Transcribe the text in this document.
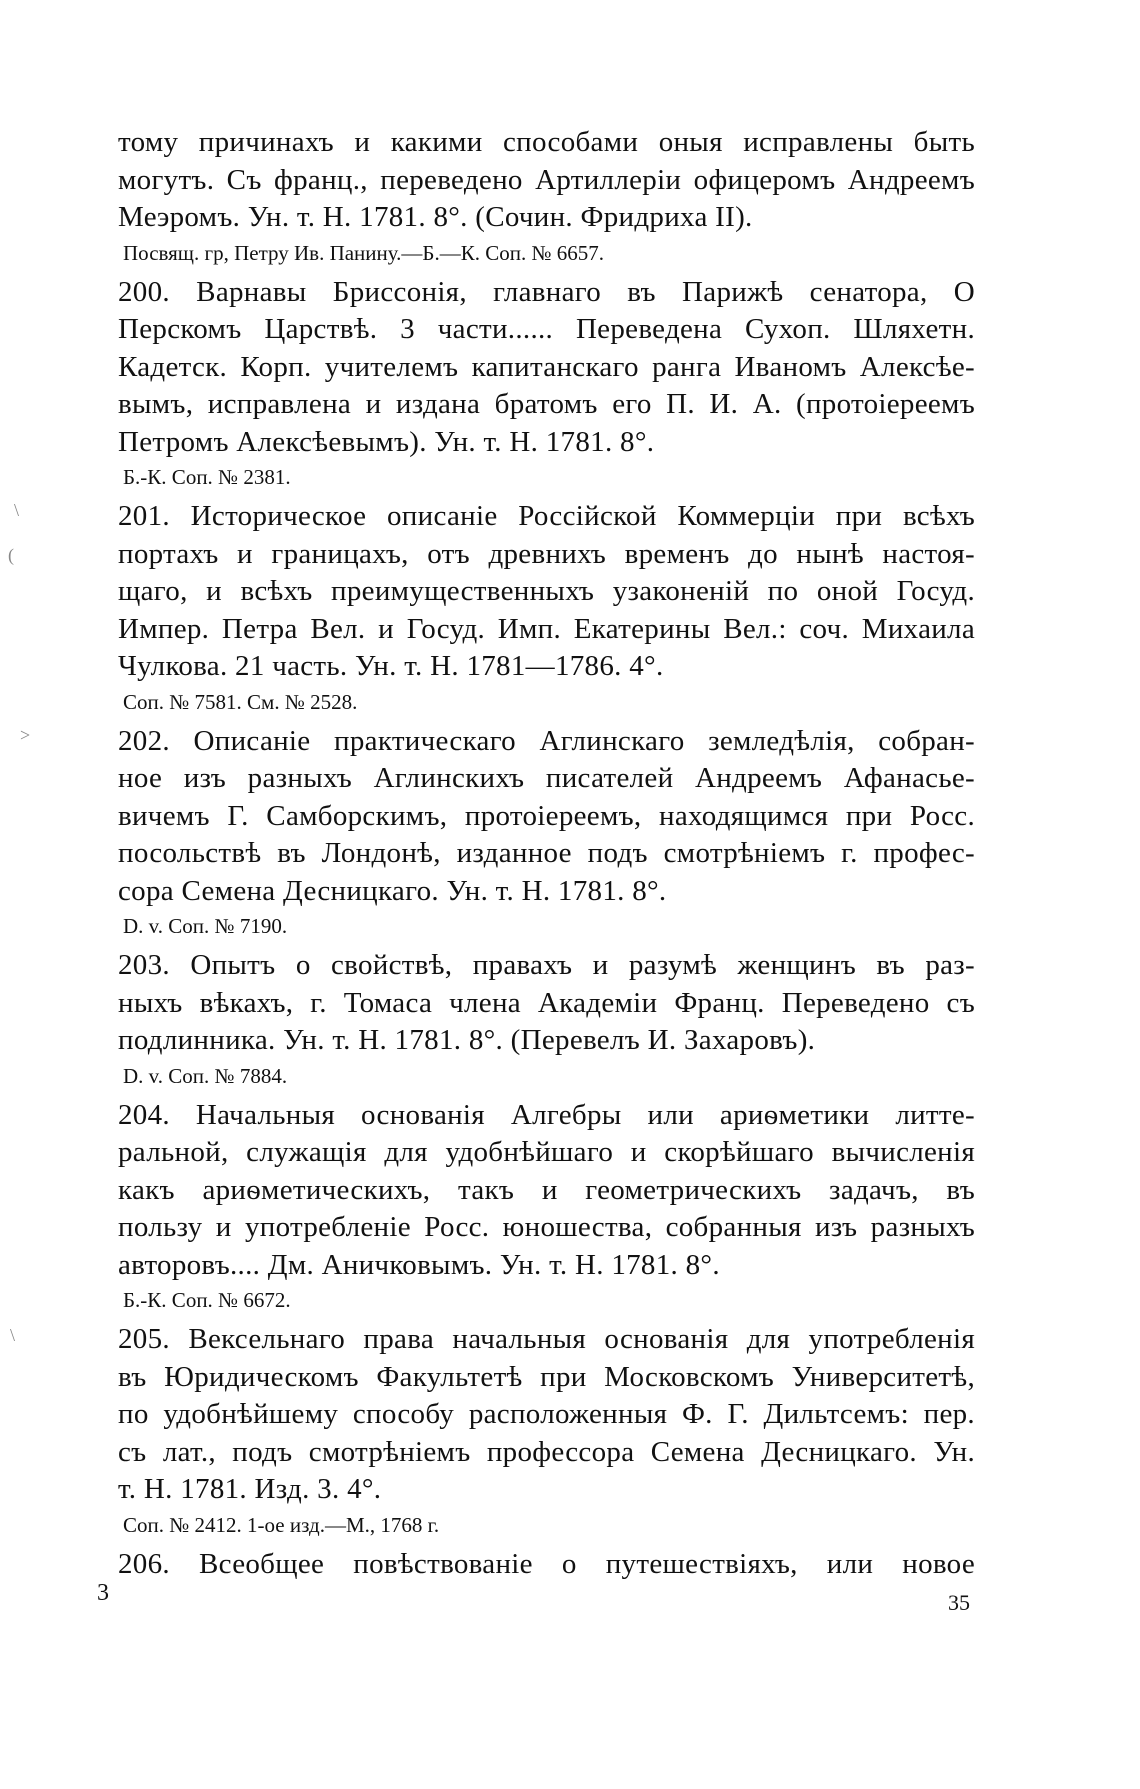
\
(
>
\
тому причинахъ и какими способами оныя исправлены быть
могутъ. Съ франц., переведено Артиллеріи офицеромъ Андреемъ
Меэромъ. Ун. т. Н. 1781. 8°. (Сочин. Фридриха II).
Посвящ. гр, Петру Ив. Панину.—Б.—К. Соп. № 6657.
200. Варнавы Бриссонія, главнаго въ Парижѣ сенатора, О
Перскомъ Царствѣ. 3 части...... Переведена Сухоп. Шляхетн.
Кадетск. Корп. учителемъ капитанскаго ранга Иваномъ Алексѣе-
вымъ, исправлена и издана братомъ его П. И. А. (протоіереемъ
Петромъ Алексѣевымъ). Ун. т. Н. 1781. 8°.
Б.-К. Соп. № 2381.
201. Историческое описаніе Россійской Коммерціи при всѣхъ
портахъ и границахъ, отъ древнихъ временъ до нынѣ настоя-
щаго, и всѣхъ преимущественныхъ узаконеній по оной Госуд.
Импер. Петра Вел. и Госуд. Имп. Екатерины Вел.: соч. Михаила
Чулкова. 21 часть. Ун. т. Н. 1781—1786. 4°.
Соп. № 7581. См. № 2528.
202. Описаніе практическаго Аглинскаго земледѣлія, собран-
ное изъ разныхъ Аглинскихъ писателей Андреемъ Афанасье-
вичемъ Г. Самборскимъ, протоіереемъ, находящимся при Росс.
посольствѣ въ Лондонѣ, изданное подъ смотрѣніемъ г. профес-
сора Семена Десницкаго. Ун. т. Н. 1781. 8°.
D. v. Соп. № 7190.
203. Опытъ о свойствѣ, правахъ и разумѣ женщинъ въ раз-
ныхъ вѣкахъ, г. Томаса члена Академіи Франц. Переведено съ
подлинника. Ун. т. Н. 1781. 8°. (Перевелъ И. Захаровъ).
D. v. Соп. № 7884.
204. Начальныя основанія Алгебры или ариѳметики литте-
ральной, служащія для удобнѣйшаго и скорѣйшаго вычисленія
какъ ариѳметическихъ, такъ и геометрическихъ задачъ, въ
пользу и употребленіе Росс. юношества, собранныя изъ разныхъ
авторовъ.... Дм. Аничковымъ. Ун. т. Н. 1781. 8°.
Б.-К. Соп. № 6672.
205. Вексельнаго права начальныя основанія для употребленія
въ Юридическомъ Факультетѣ при Московскомъ Университетѣ,
по удобнѣйшему способу расположенныя Ф. Г. Дильтсемъ: пер.
съ лат., подъ смотрѣніемъ профессора Семена Десницкаго. Ун.
т. Н. 1781. Изд. 3. 4°.
Соп. № 2412. 1-ое изд.—М., 1768 г.
206. Всеобщее повѣствованіе о путешествіяхъ, или новое
3	35
